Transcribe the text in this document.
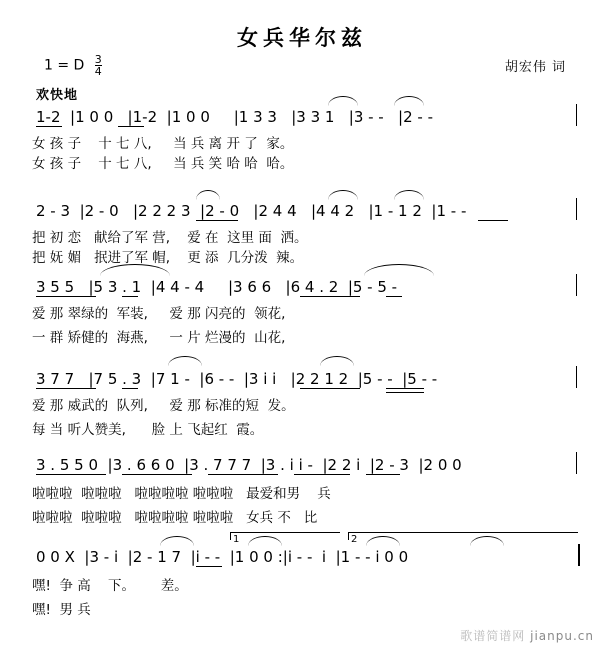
女兵华尔兹
胡宏伟 词
1 = D $\frac{3}{4}$
欢快地
1-2  |1 0 0   |1-2  |1 0 0     |1 3 3   |3 3 1   |3 - -   |2 - -
女 孩 子    十 七 八,     当 兵 离 开 了  家。
女 孩 子    十 七 八,     当 兵 笑 哈 哈  哈。
2 - 3  |2 - 0   |2 2 2 3  |2 - 0   |2 4 4   |4 4 2   |1 - 1 2  |1 - -
把 初 恋   献给了军 营,    爱 在  这里 面  洒。
把 妩 媚   抿进了军 帽,    更 添  几分泼  辣。
3 5 5   |5 3 . 1  |4 4 - 4     |3 6 6   |6 4 . 2  |5 - 5 -
爱 那 翠绿的  军装,     爱 那 闪亮的  领花,
一 群 矫健的  海燕,     一 片 烂漫的  山花,
3 7 7   |7 5 . 3  |7 1 -  |6 - -  |3 i i   |2 2 1 2  |5 - -  |5 - -
爱 那 威武的  队列,     爱 那 标准的短  发。
每 当 听人赞美,      脸 上 飞起红  霞。
3 . 5 5 0  |3 . 6 6 0  |3 . 7 7 7  |3 . i i -  |2 2 i  |2 - 3  |2 0 0
啦啦啦  啦啦啦   啦啦啦啦 啦啦啦   最爱和男    兵
啦啦啦  啦啦啦   啦啦啦啦 啦啦啦   女兵 不   比
1	2
0 0 X  |3 - i  |2 - 1 7  |i - -  |1 0 0 :|i - -  i  |1 - - i 0 0
嘿!  争 高    下。      差。
嘿!  男 兵
歌谱简谱网 jianpu.cn
